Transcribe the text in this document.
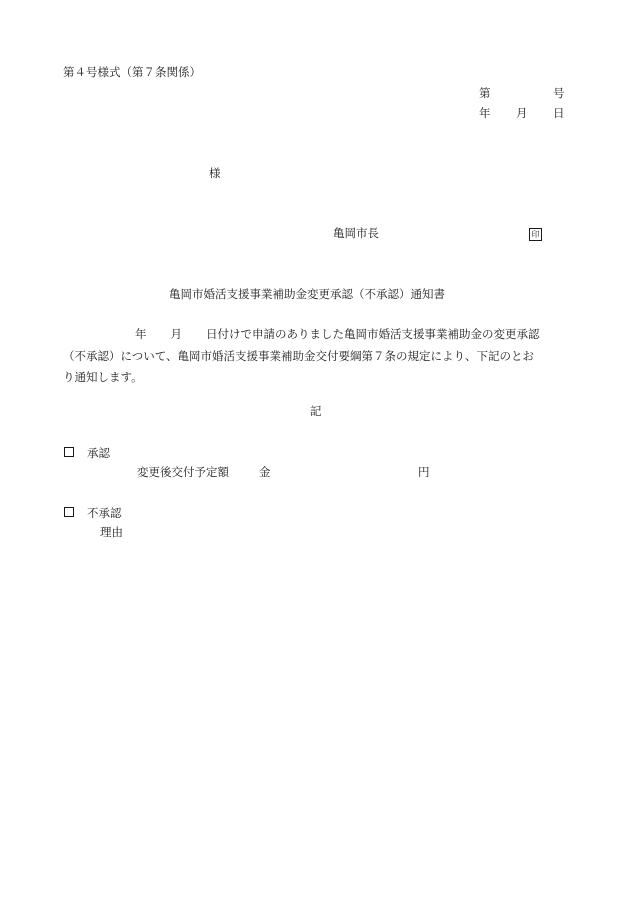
第４号様式（第７条関係）
第	号
年 月 日
様
亀岡市長	印
亀岡市婚活支援事業補助金変更承認（不承認）通知書
年 月 日付けで申請のありました亀岡市婚活支援事業補助金の変更承認
（不承認）について、亀岡市婚活支援事業補助金交付要綱第７条の規定により、下記のとお
り通知します。
記
承認
変更後交付予定額	金	円
不承認
理由
